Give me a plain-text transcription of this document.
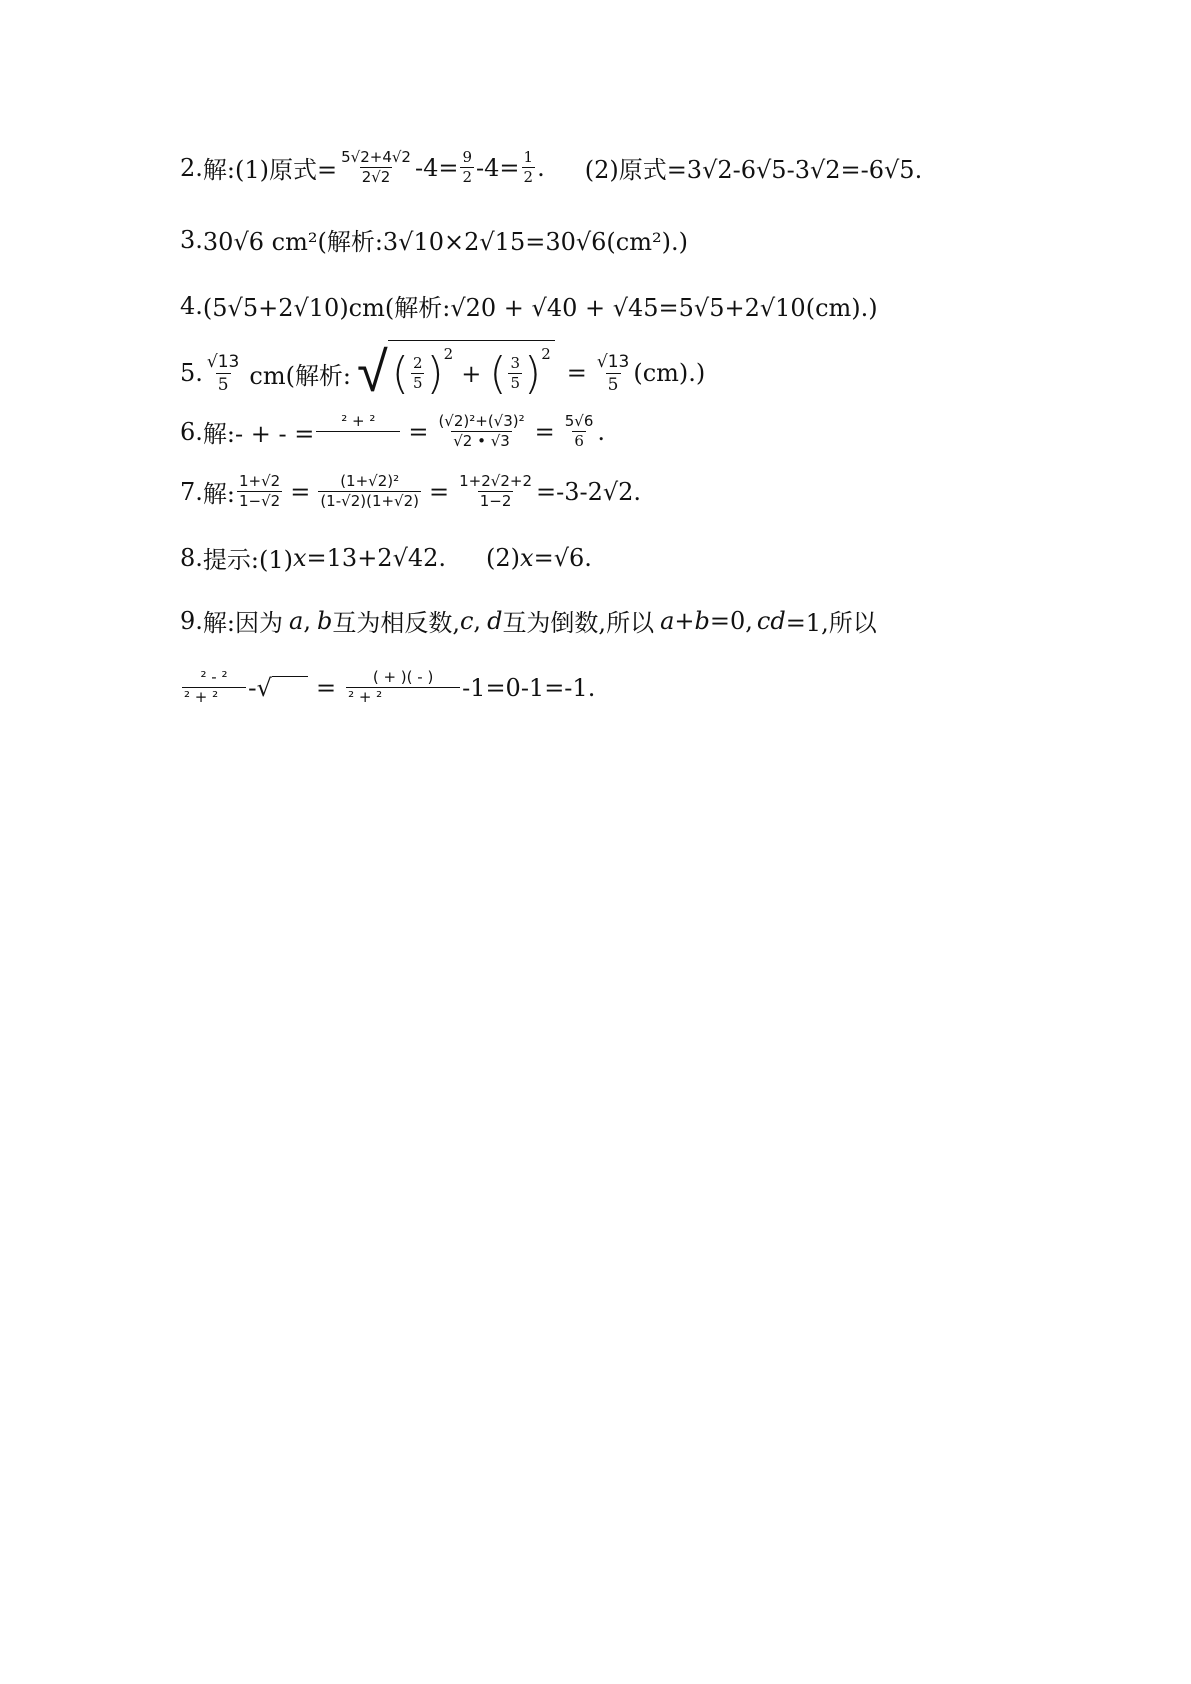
2. 解:(1)原式= $\frac{5√2+4√2}{2√2} -4= \frac{9}{2} -4= \frac{1}{2}$ . (2)原式=3√2-6√5-3√2=-6√5.
3. 30√6 cm²(解析:3√10×2√15=30√6(cm²).)
4. (5√5+2√10)cm(解析:√20 + √40 + √45=5√5+2√10(cm).)
5. $\frac{√13}{5} cm$(解析: √ ( $\frac{2}{5}$ ) 2
+ ( $\frac{3}{5}$ ) 2
= $\frac{√13}{5} (cm)$.)
6. 解:- + - = $^2 + ^2 = \frac{\text{(√2)²+(√3)²}}{√2 • √3} = \frac{5√6}{6}$ .
7. 解: $\frac{1+√2}{1-√2} = \frac{\text{(1+√2)²}}{(1-√2)(1+√2)} = \frac{1+2√2+2}{1-2} =-3-2√2$.
8. 提示:(1) x =13+2√42. (2) x =√6.
9. 解:因为 a , b 互为相反数, c , d 互为倒数,所以 a+b =0, cd =1,所以
$\frac{\text{² - ²}}{\text{² + ²}}$ -√ = $\frac{( + )( - )}{\text{² + ²}} -1=0-1=-1$.
